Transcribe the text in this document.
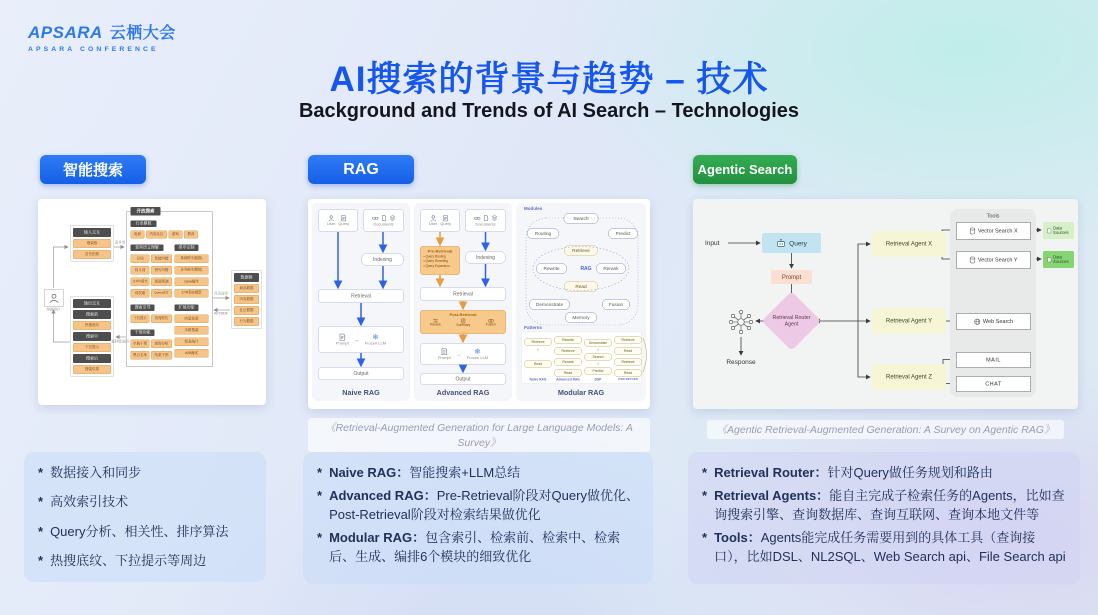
APSARA 云栖大会
APSARA CONFERENCE
AI搜索的背景与趋势 – 技术
Background and Trends of AI Search – Technologies
智能搜索	RAG	Agentic Search
终端用户
输入交互
搜索框
语音拍照
输出交互
搜索前
热搜底纹
搜索中
下拉提示
搜索后
搜索结果
开放搜索
行业模板
电商	内容社区	游戏	教育
查询语义理解
分词	智能纠错
同义词	拼写纠错
文本向量化	意图预测
词权重	Query改写
排序定制
基础排序(粗排)
业务排序(精排)
cava插件
CTR预估模型
搜索引导
下拉提示	热搜底纹
干预功能
字典干预	查询分析
黑白名单	结果干预
扩展功能
向量检索
多路搜索
报表统计
A/B测试
数据源
商品数据
内容数据
社区数据
行为数据
高并发
毫秒级返回
自动同步
API/SDK
User Query	Documents
Indexing
Retrieval
Prompt
→ ❄
Frozen LLM
Output
Naive RAG
User Query	Documents
Pre-Retrieval
• Query Routing
• Query Rewriting
• Query Expansion
Indexing
Retrieval
Post-Retrieval
Rerank Summary Fusion
Prompt
→ ❄
Frozen LLM
Output
Advanced RAG
Modules
Search
Routing	Predict
Retrieve
Rewrite	RAG	Rerank
Read
Demonstrate	Fusion
Memory
Patterns
Retrieve
∨
Read
Naive RAG
Rewrite
Retrieve
Rerank
Read
Advanced RAG
Demonstrate
∨
Search
∨
Predict
DSP
Retrieve
Read
Retrieve
Read
ITER-RETGEN
Modular RAG
Input	Query
Prompt
Retrieval Router Agent
Response
Retrieval Agent X
Retrieval Agent Y
Retrieval Agent Z
Tools
Vector Search X
Vector Search Y
Web Search
MAIL
CHAT
Data Sources
Data Sources
《Retrieval-Augmented Generation for Large Language Models: A Survey》
《Agentic Retrieval-Augmented Generation: A Survey on Agentic RAG》
* 数据接入和同步
* 高效索引技术
* Query分析、相关性、排序算法
* 热搜底纹、下拉提示等周边
* Naive RAG：智能搜索+LLM总结
* Advanced RAG：Pre-Retrieval阶段对Query做优化、Post-Retrieval阶段对检索结果做优化
* Modular RAG：包含索引、检索前、检索中、检索后、生成、编排6个模块的细致优化
* Retrieval Router：针对Query做任务规划和路由
* Retrieval Agents：能自主完成子检索任务的Agents，比如查询搜索引擎、查询数据库、查询互联网、查询本地文件等
* Tools：Agents能完成任务需要用到的具体工具（查询接口），比如DSL、NL2SQL、Web Search api、File Search api
